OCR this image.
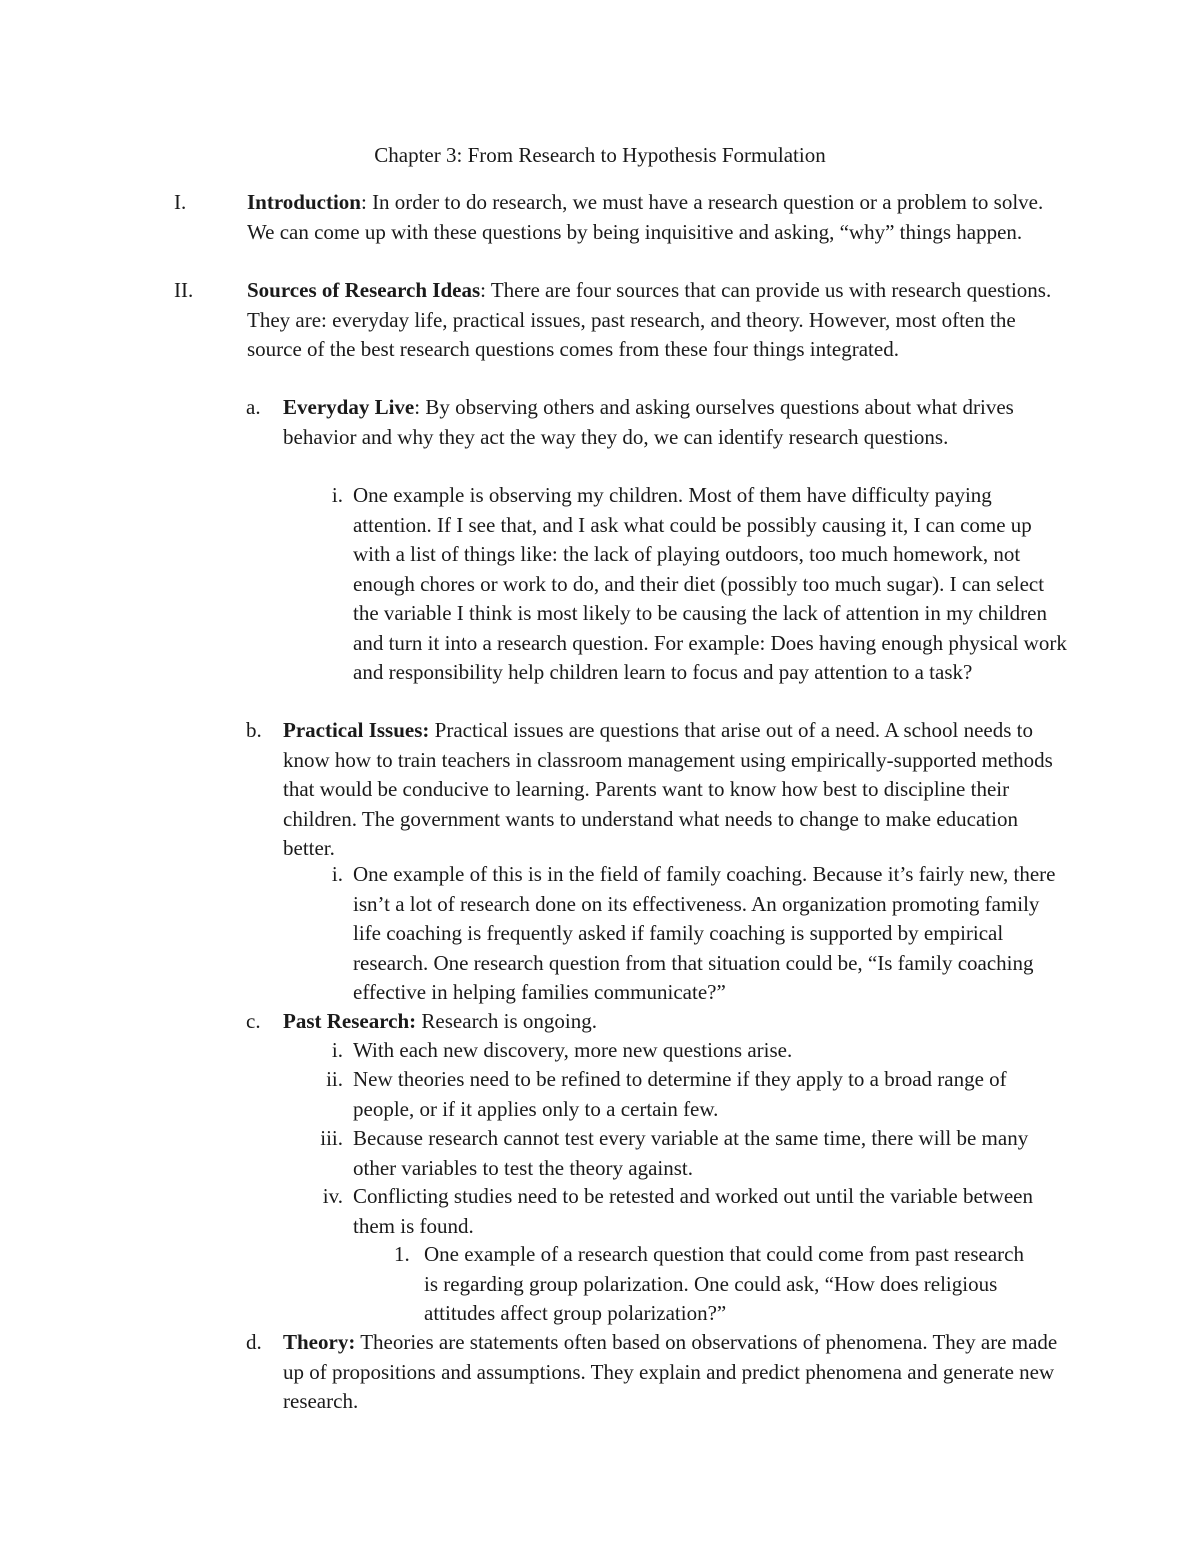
Chapter 3: From Research to Hypothesis Formulation
I.	Introduction: In order to do research, we must have a research question or a problem to solve. We can come up with these questions by being inquisitive and asking, “why” things happen.
II.	Sources of Research Ideas: There are four sources that can provide us with research questions. They are: everyday life, practical issues, past research, and theory. However, most often the source of the best research questions comes from these four things integrated.
a. Everyday Live: By observing others and asking ourselves questions about what drives behavior and why they act the way they do, we can identify research questions.
i. One example is observing my children. Most of them have difficulty paying attention. If I see that, and I ask what could be possibly causing it, I can come up with a list of things like: the lack of playing outdoors, too much homework, not enough chores or work to do, and their diet (possibly too much sugar). I can select the variable I think is most likely to be causing the lack of attention in my children and turn it into a research question. For example: Does having enough physical work and responsibility help children learn to focus and pay attention to a task?
b. Practical Issues: Practical issues are questions that arise out of a need. A school needs to know how to train teachers in classroom management using empirically-supported methods that would be conducive to learning. Parents want to know how best to discipline their children. The government wants to understand what needs to change to make education better.
i. One example of this is in the field of family coaching. Because it’s fairly new, there isn’t a lot of research done on its effectiveness. An organization promoting family life coaching is frequently asked if family coaching is supported by empirical research. One research question from that situation could be, “Is family coaching effective in helping families communicate?”
c. Past Research: Research is ongoing.
i. With each new discovery, more new questions arise.
ii. New theories need to be refined to determine if they apply to a broad range of people, or if it applies only to a certain few.
iii. Because research cannot test every variable at the same time, there will be many other variables to test the theory against.
iv. Conflicting studies need to be retested and worked out until the variable between them is found.
1. One example of a research question that could come from past research is regarding group polarization. One could ask, “How does religious attitudes affect group polarization?”
d. Theory: Theories are statements often based on observations of phenomena. They are made up of propositions and assumptions. They explain and predict phenomena and generate new research.
